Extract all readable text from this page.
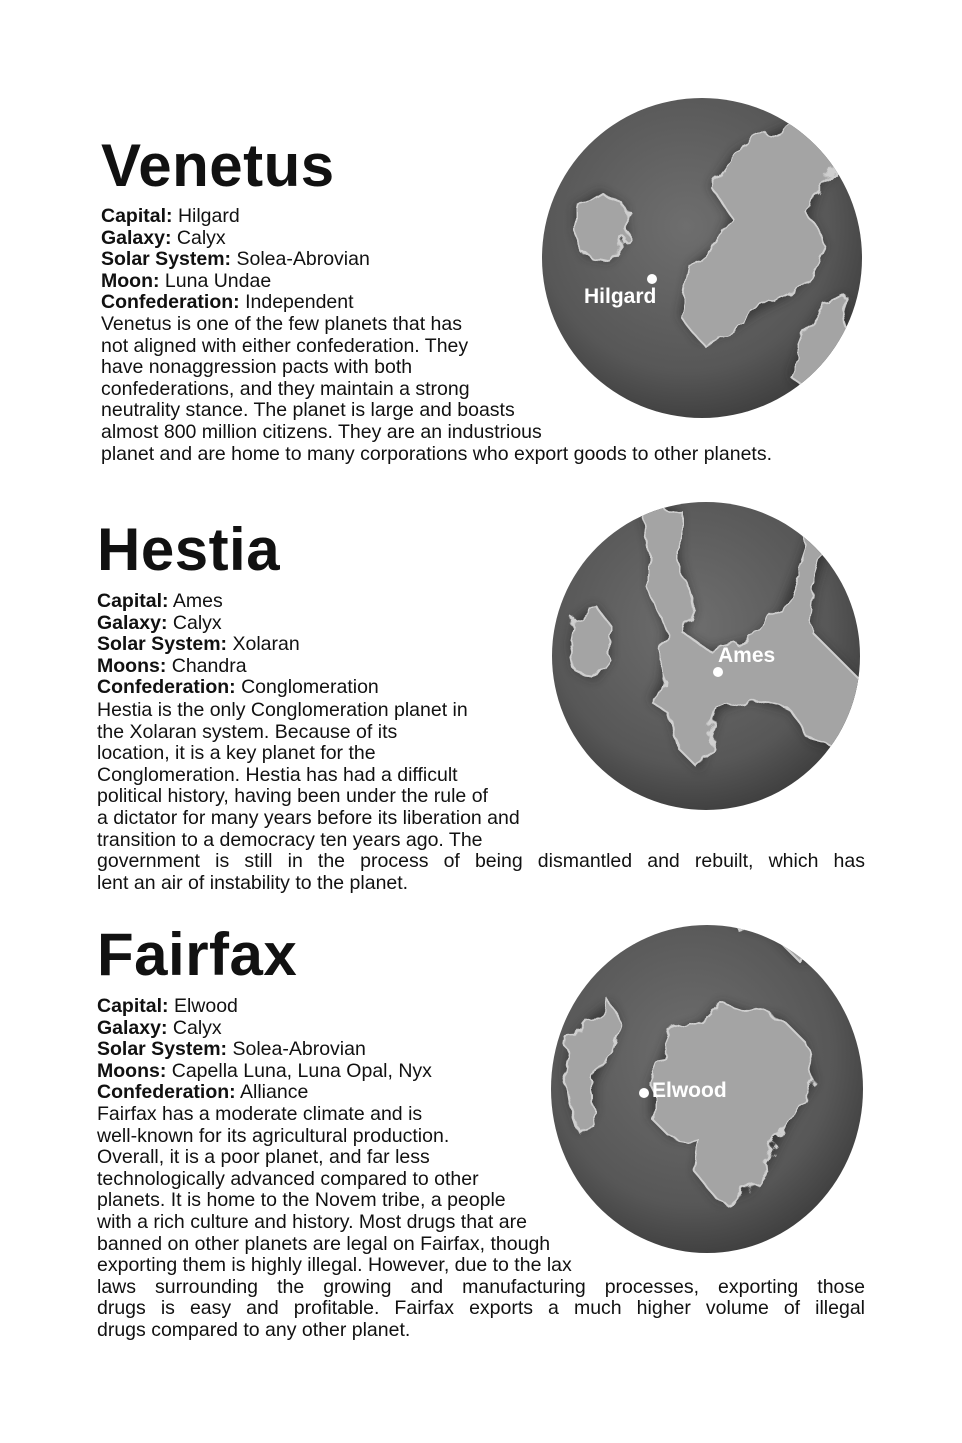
Hilgard
Venetus
Capital: Hilgard
Galaxy: Calyx
Solar System: Solea-Abrovian
Moon: Luna Undae
Confederation: Independent
Venetus is one of the few planets that has
not aligned with either confederation. They
have nonaggression pacts with both
confederations, and they maintain a strong
neutrality stance. The planet is large and boasts
almost 800 million citizens. They are an industrious
planet and are home to many corporations who export goods to other planets.
Ames
Hestia
Capital: Ames
Galaxy: Calyx
Solar System: Xolaran
Moons: Chandra
Confederation: Conglomeration
Hestia is the only Conglomeration planet in
the Xolaran system. Because of its
location, it is a key planet for the
Conglomeration. Hestia has had a difficult
political history, having been under the rule of
a dictator for many years before its liberation and
transition to a democracy ten years ago. The
government is still in the process of being dismantled and rebuilt, which has
lent an air of instability to the planet.
Elwood
Fairfax
Capital: Elwood
Galaxy: Calyx
Solar System: Solea-Abrovian
Moons: Capella Luna, Luna Opal, Nyx
Confederation: Alliance
Fairfax has a moderate climate and is
well-known for its agricultural production.
Overall, it is a poor planet, and far less
technologically advanced compared to other
planets. It is home to the Novem tribe, a people
with a rich culture and history. Most drugs that are
banned on other planets are legal on Fairfax, though
exporting them is highly illegal. However, due to the lax
laws surrounding the growing and manufacturing processes, exporting those
drugs is easy and profitable. Fairfax exports a much higher volume of illegal
drugs compared to any other planet.
